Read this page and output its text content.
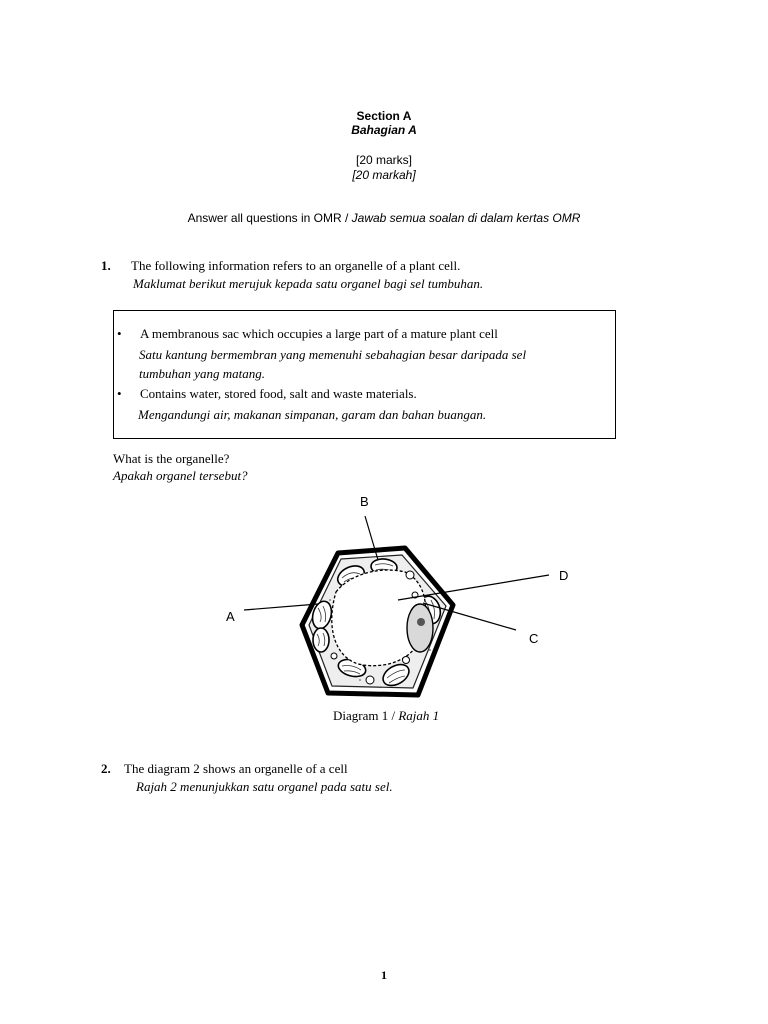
Section A
Bahagian A
[20 marks]
[20 markah]
Answer all questions in OMR / Jawab semua soalan di dalam kertas OMR
1. The following information refers to an organelle of a plant cell.
Maklumat berikut merujuk kepada satu organel bagi sel tumbuhan.
• A membranous sac which occupies a large part of a mature plant cell
Satu kantung bermembran yang memenuhi sebahagian besar daripada sel
tumbuhan yang matang.
• Contains water, stored food, salt and waste materials.
Mengandungi air, makanan simpanan, garam dan bahan buangan.
What is the organelle?
Apakah organel tersebut?
A
B
C
D
Diagram 1 / Rajah 1
2. The diagram 2 shows an organelle of a cell
Rajah 2 menunjukkan satu organel pada satu sel.
1
